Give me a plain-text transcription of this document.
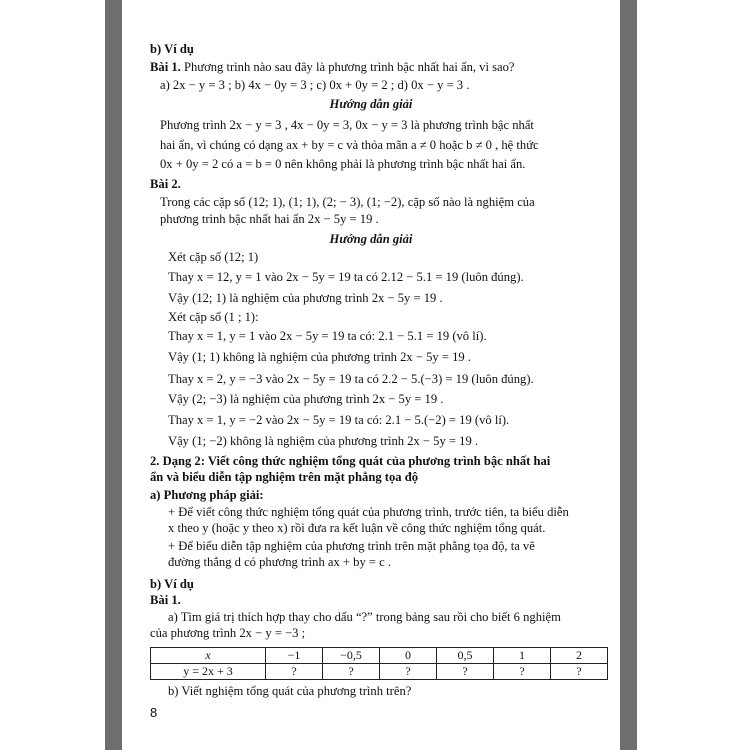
b) Ví dụ
Bài 1. Phương trình nào sau đây là phương trình bậc nhất hai ẩn, vì sao?
a) 2x − y = 3 ; b) 4x − 0y = 3 ; c) 0x + 0y = 2 ; d) 0x − y = 3 .
Hướng dẫn giải
Phương trình 2x − y = 3 , 4x − 0y = 3, 0x − y = 3 là phương trình bậc nhất
hai ẩn, vì chúng có dạng ax + by = c và thỏa mãn a ≠ 0 hoặc b ≠ 0 , hệ thức
0x + 0y = 2 có a = b = 0 nên không phải là phương trình bậc nhất hai ẩn.
Bài 2.
Trong các cặp số (12; 1), (1; 1), (2; − 3), (1; −2), cặp số nào là nghiệm của
phương trình bậc nhất hai ẩn 2x − 5y = 19 .
Hướng dẫn giải
Xét cặp số (12; 1)
Thay x = 12, y = 1 vào 2x − 5y = 19 ta có 2.12 − 5.1 = 19 (luôn đúng).
Vậy (12; 1) là nghiệm của phương trình 2x − 5y = 19 .
Xét cặp số (1 ; 1):
Thay x = 1, y = 1 vào 2x − 5y = 19 ta có: 2.1 − 5.1 = 19 (vô lí).
Vậy (1; 1) không là nghiệm của phương trình 2x − 5y = 19 .
Thay x = 2, y = −3 vào 2x − 5y = 19 ta có 2.2 − 5.(−3) = 19 (luôn đúng).
Vậy (2; −3) là nghiệm của phương trình 2x − 5y = 19 .
Thay x = 1, y = −2 vào 2x − 5y = 19 ta có: 2.1 − 5.(−2) = 19 (vô lí).
Vậy (1; −2) không là nghiệm của phương trình 2x − 5y = 19 .
2. Dạng 2: Viết công thức nghiệm tổng quát của phương trình bậc nhất hai
ẩn và biểu diễn tập nghiệm trên mặt phẳng tọa độ
a) Phương pháp giải:
+ Để viết công thức nghiệm tổng quát của phương trình, trước tiên, ta biểu diễn
x theo y (hoặc y theo x) rồi đưa ra kết luận về công thức nghiệm tổng quát.
+ Để biểu diễn tập nghiệm của phương trình trên mặt phẳng tọa độ, ta vẽ
đường thẳng d có phương trình ax + by = c .
b) Ví dụ
Bài 1.
a) Tìm giá trị thích hợp thay cho dấu “?” trong bảng sau rồi cho biết 6 nghiệm
của phương trình 2x − y = −3 ;
x	−1	−0,5	0	0,5	1	2
y = 2x + 3	?	?	?	?	?	?
b) Viết nghiệm tổng quát của phương trình trên?
8
